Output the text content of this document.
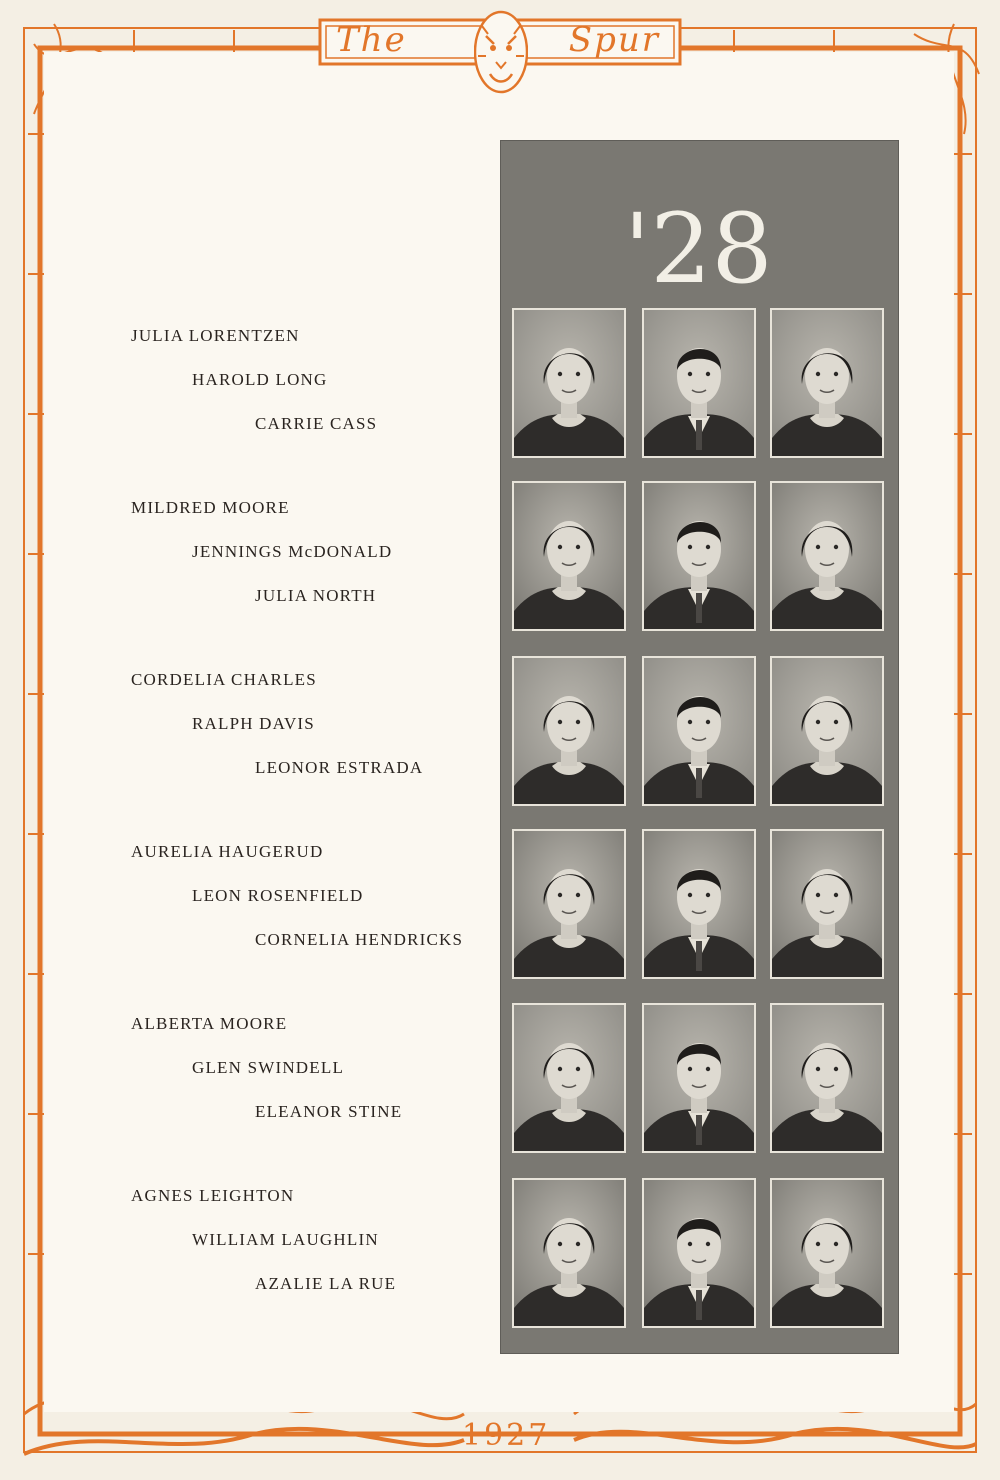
The	Spur
JULIA LORENTZEN
HAROLD LONG
CARRIE CASS
MILDRED MOORE
JENNINGS McDONALD
JULIA NORTH
CORDELIA CHARLES
RALPH DAVIS
LEONOR ESTRADA
AURELIA HAUGERUD
LEON ROSENFIELD
CORNELIA HENDRICKS
ALBERTA MOORE
GLEN SWINDELL
ELEANOR STINE
AGNES LEIGHTON
WILLIAM LAUGHLIN
AZALIE LA RUE
'28
1927
